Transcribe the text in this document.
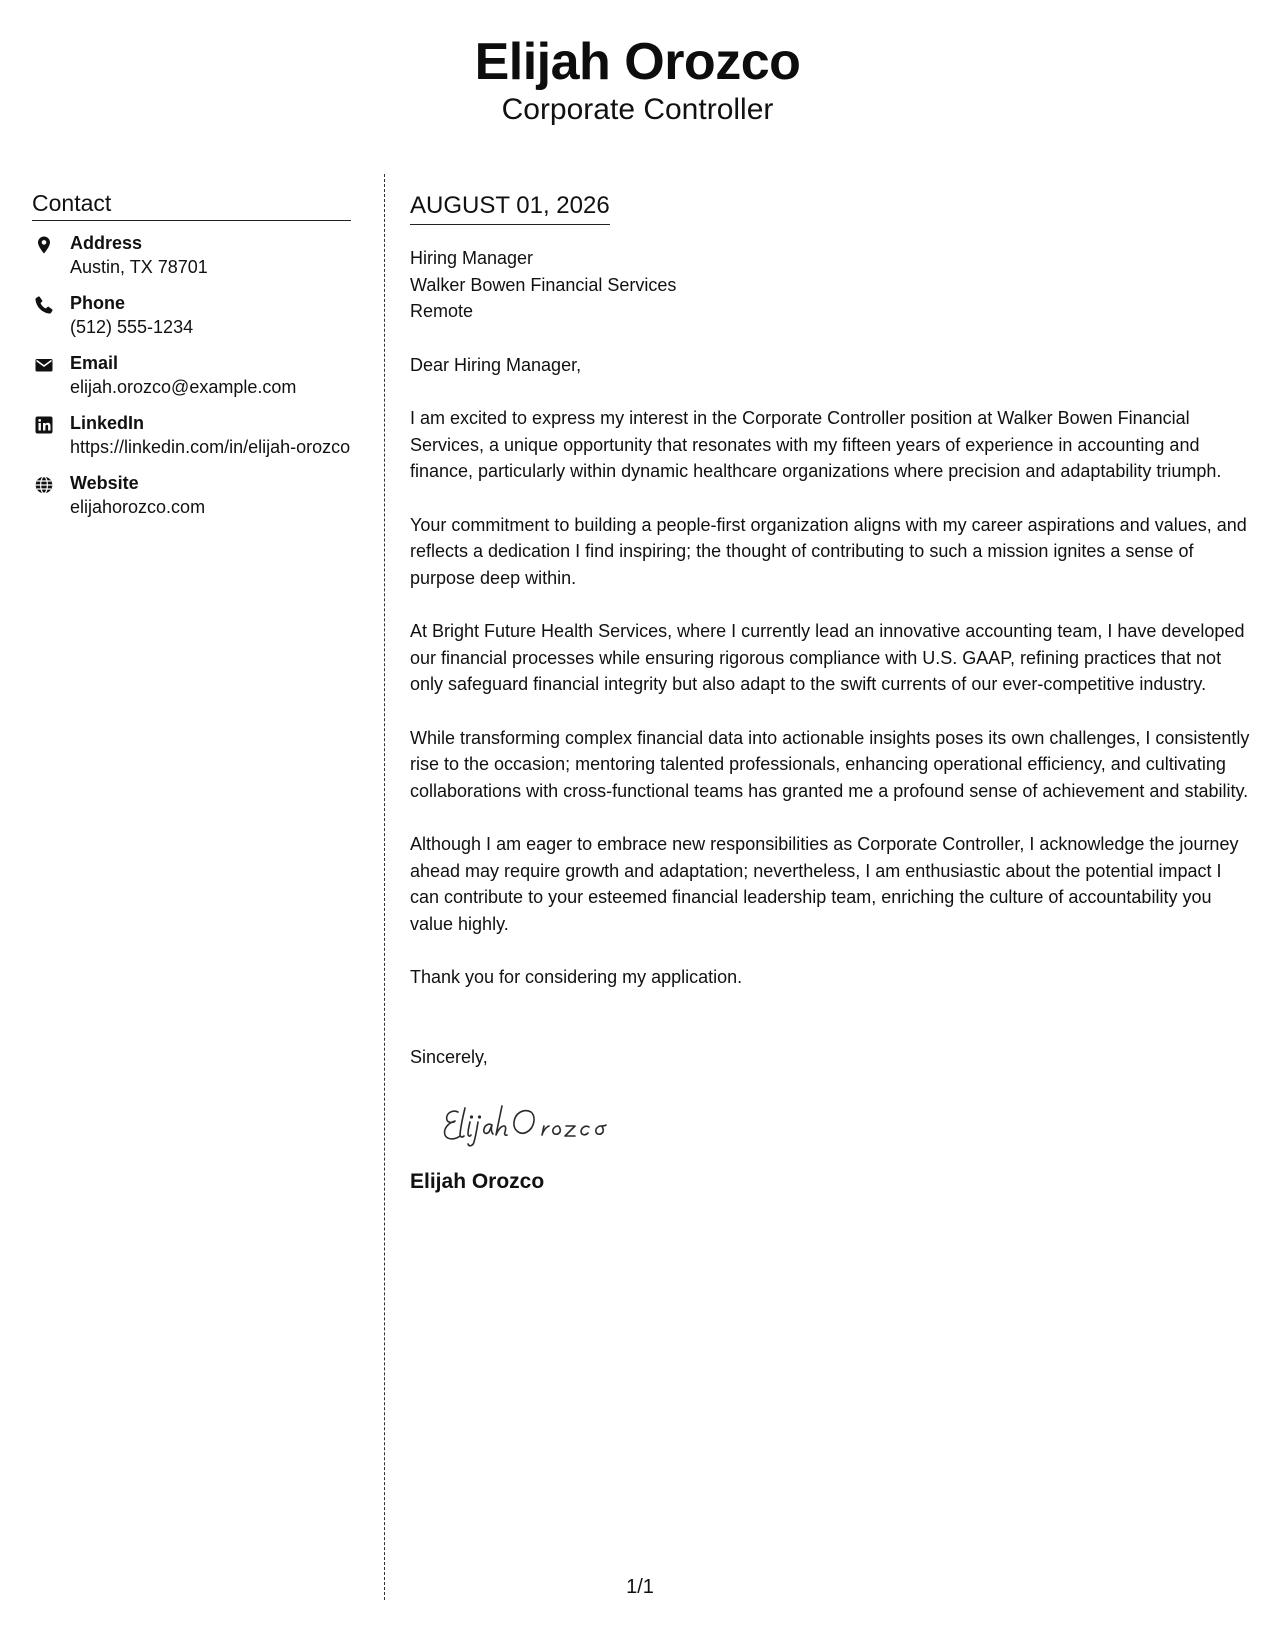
Elijah Orozco
Corporate Controller
Contact
Address
Austin, TX 78701
Phone
(512) 555-1234
Email
elijah.orozco@example.com
LinkedIn
https://linkedin.com/in/elijah-orozco
Website
elijahorozco.com
AUGUST 01, 2026
Hiring Manager
Walker Bowen Financial Services
Remote
Dear Hiring Manager,
I am excited to express my interest in the Corporate Controller position at Walker Bowen Financial Services, a unique opportunity that resonates with my fifteen years of experience in accounting and finance, particularly within dynamic healthcare organizations where precision and adaptability triumph.
Your commitment to building a people-first organization aligns with my career aspirations and values, and reflects a dedication I find inspiring; the thought of contributing to such a mission ignites a sense of purpose deep within.
At Bright Future Health Services, where I currently lead an innovative accounting team, I have developed our financial processes while ensuring rigorous compliance with U.S. GAAP, refining practices that not only safeguard financial integrity but also adapt to the swift currents of our ever-competitive industry.
While transforming complex financial data into actionable insights poses its own challenges, I consistently rise to the occasion; mentoring talented professionals, enhancing operational efficiency, and cultivating collaborations with cross-functional teams has granted me a profound sense of achievement and stability.
Although I am eager to embrace new responsibilities as Corporate Controller, I acknowledge the journey ahead may require growth and adaptation; nevertheless, I am enthusiastic about the potential impact I can contribute to your esteemed financial leadership team, enriching the culture of accountability you value highly.
Thank you for considering my application.
Sincerely,
Elijah Orozco
1/1
